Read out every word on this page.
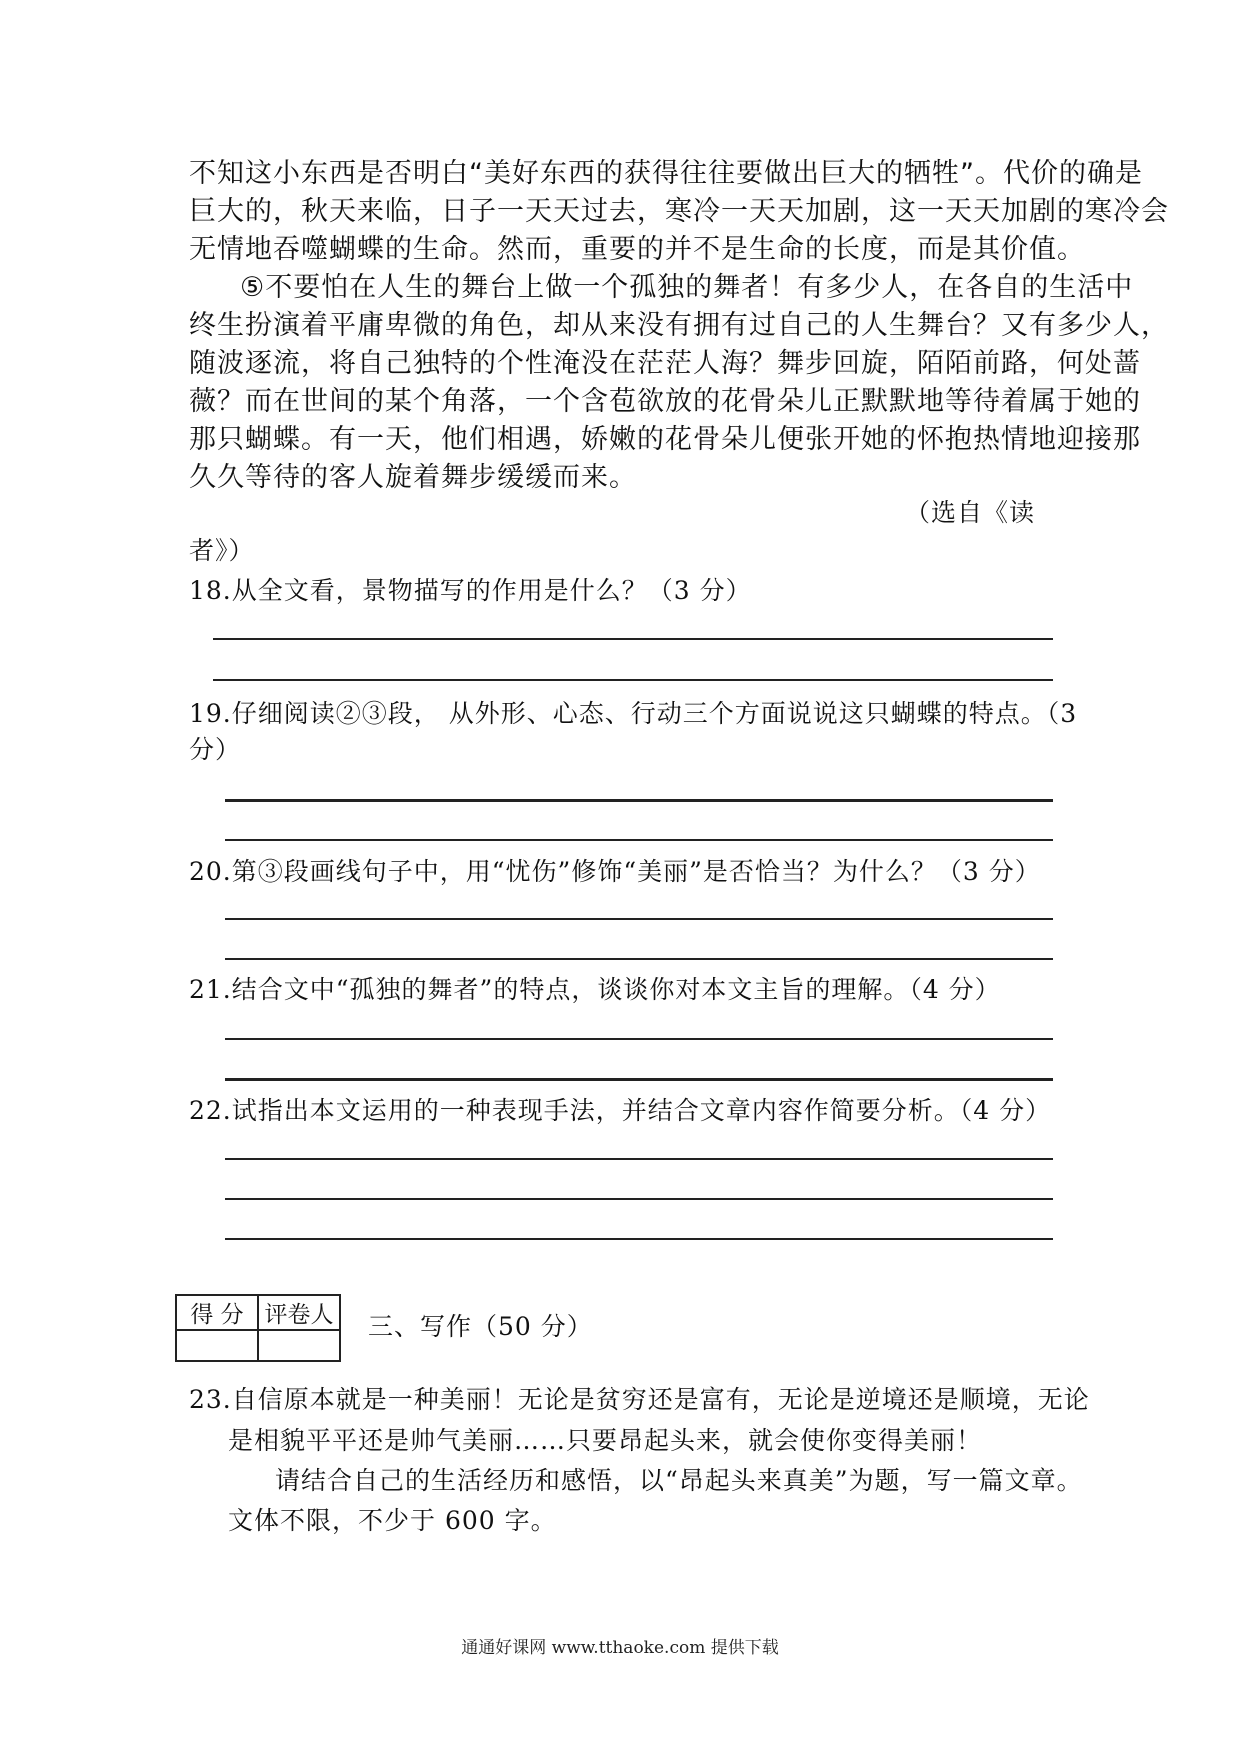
不知这小东西是否明白“美好东西的获得往往要做出巨大的牺牲”。代价的确是
巨大的，秋天来临，日子一天天过去，寒冷一天天加剧，这一天天加剧的寒冷会
无情地吞噬蝴蝶的生命。然而，重要的并不是生命的长度，而是其价值。
⑤不要怕在人生的舞台上做一个孤独的舞者！有多少人，在各自的生活中
终生扮演着平庸卑微的角色，却从来没有拥有过自己的人生舞台？又有多少人，
随波逐流，将自己独特的个性淹没在茫茫人海？舞步回旋，陌陌前路，何处蔷
薇？而在世间的某个角落，一个含苞欲放的花骨朵儿正默默地等待着属于她的
那只蝴蝶。有一天，他们相遇，娇嫩的花骨朵儿便张开她的怀抱热情地迎接那
久久等待的客人旋着舞步缓缓而来。
（选自《读
者》）
18.从全文看，景物描写的作用是什么？（3 分）
19.仔细阅读②③段， 从外形、心态、行动三个方面说说这只蝴蝶的特点。（3
分）
20.第③段画线句子中，用“忧伤”修饰“美丽”是否恰当？为什么？（3 分）
21.结合文中“孤独的舞者”的特点，谈谈你对本文主旨的理解。（4 分）
22.试指出本文运用的一种表现手法，并结合文章内容作简要分析。（4 分）
得 分	评卷人
	三、写作（50 分）
23.自信原本就是一种美丽！无论是贫穷还是富有，无论是逆境还是顺境，无论
是相貌平平还是帅气美丽……只要昂起头来，就会使你变得美丽！
请结合自己的生活经历和感悟，以“昂起头来真美”为题，写一篇文章。
文体不限，不少于 600 字。
通通好课网 www.tthaoke.com 提供下载
